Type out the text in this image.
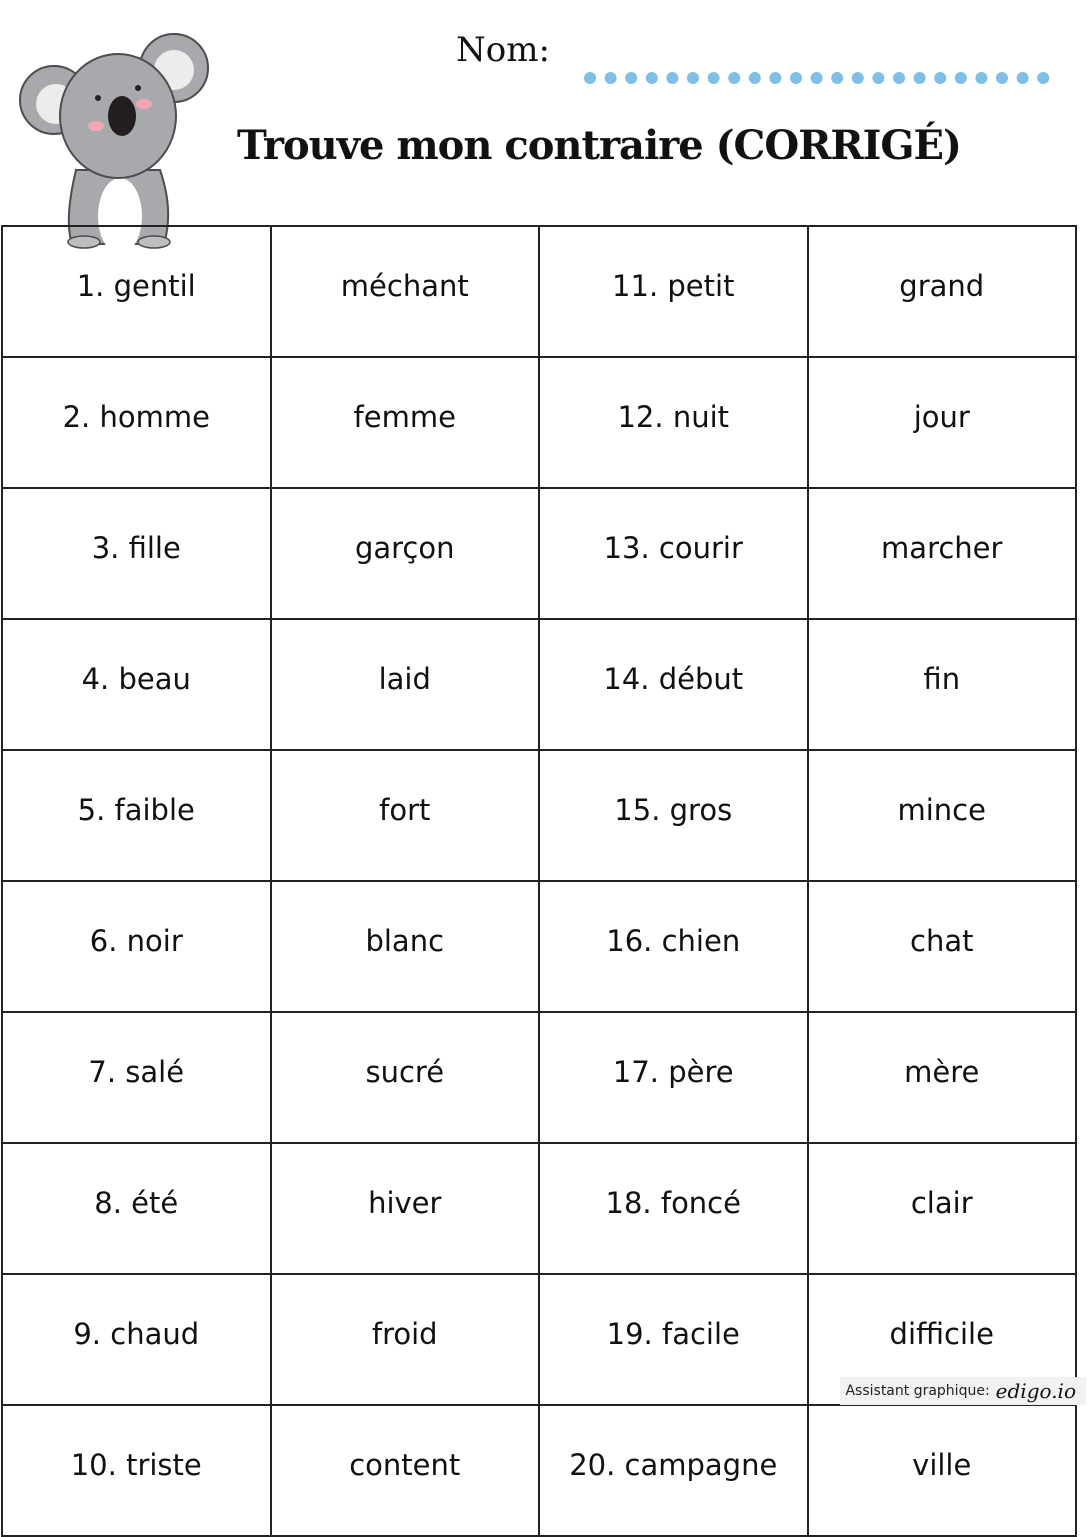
Nom:
Trouve mon contraire (CORRIGÉ)
1. gentil	méchant	11. petit	grand
2. homme	femme	12. nuit	jour
3. fille	garçon	13. courir	marcher
4. beau	laid	14. début	fin
5. faible	fort	15. gros	mince
6. noir	blanc	16. chien	chat
7. salé	sucré	17. père	mère
8. été	hiver	18. foncé	clair
9. chaud	froid	19. facile	difficile
10. triste	content	20. campagne	ville
Assistant graphique: edigo.io
